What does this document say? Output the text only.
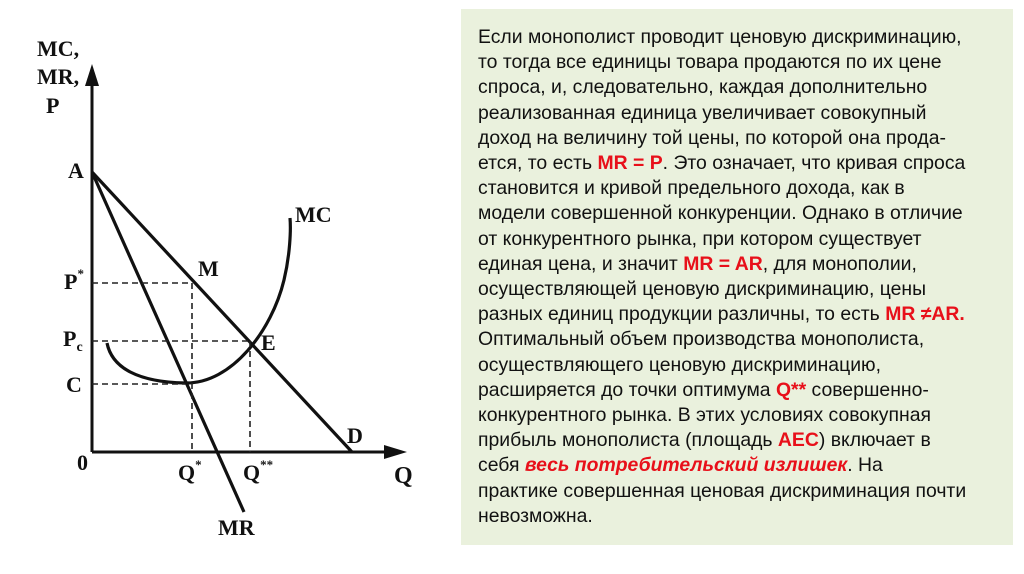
MC, MR, P
A
M
E
D
P*
$P_c$
C
0	Q* Q**	Q
MC
MR
Если монополист проводит ценовую дискриминацию,
то тогда все единицы товара продаются по их цене
спроса, и, следовательно, каждая дополнительно
реализованная единица увеличивает совокупный
доход на величину той цены, по которой она прода-
ется, то есть MR = P. Это означает, что кривая спроса
становится и кривой предельного дохода, как в
модели совершенной конкуренции. Однако в отличие
от конкурентного рынка, при котором существует
единая цена, и значит MR = AR, для монополии,
осуществляющей ценовую дискриминацию, цены
разных единиц продукции различны, то есть MR ≠AR.
Оптимальный объем производства монополиста,
осуществляющего ценовую дискриминацию,
расширяется до точки оптимума Q** совершенно-
конкурентного рынка. В этих условиях совокупная
прибыль монополиста (площадь AEC) включает в
себя весь потребительский излишек. На
практике совершенная ценовая дискриминация почти
невозможна.
